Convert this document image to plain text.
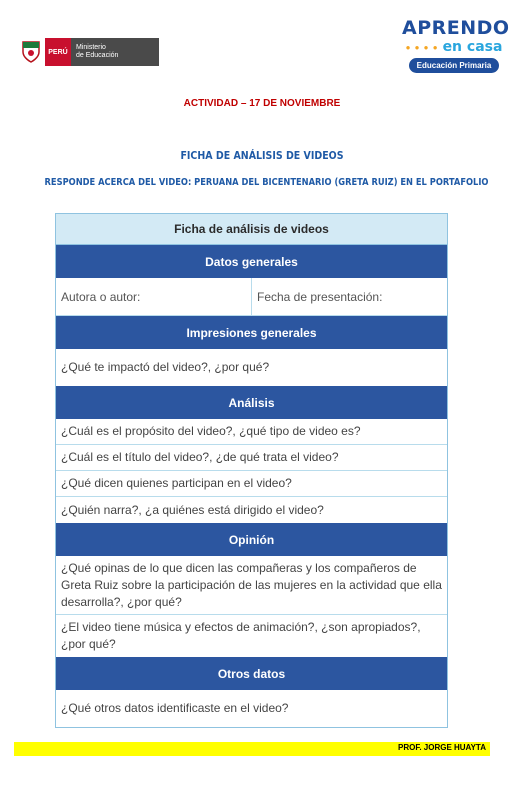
PERÚ
Ministerio
de Educación
APRENDO
● ● ● ● en casa
Educación Primaria
ACTIVIDAD – 17 DE NOVIEMBRE
FICHA DE ANÁLISIS DE VIDEOS
RESPONDE ACERCA DEL VIDEO: PERUANA DEL BICENTENARIO (GRETA RUIZ) EN EL PORTAFOLIO
Ficha de análisis de videos
Datos generales
Autora o autor:	Fecha de presentación:
Impresiones generales
¿Qué te impactó del video?, ¿por qué?
Análisis
¿Cuál es el propósito del video?, ¿qué tipo de video es?
¿Cuál es el título del video?, ¿de qué trata el video?
¿Qué dicen quienes participan en el video?
¿Quién narra?, ¿a quiénes está dirigido el video?
Opinión
¿Qué opinas de lo que dicen las compañeras y los compañeros de Greta Ruiz sobre la participación de las mujeres en la actividad que ella desarrolla?, ¿por qué?
¿El video tiene música y efectos de animación?, ¿son apropiados?, ¿por qué?
Otros datos
¿Qué otros datos identificaste en el video?
PROF. JORGE HUAYTA
